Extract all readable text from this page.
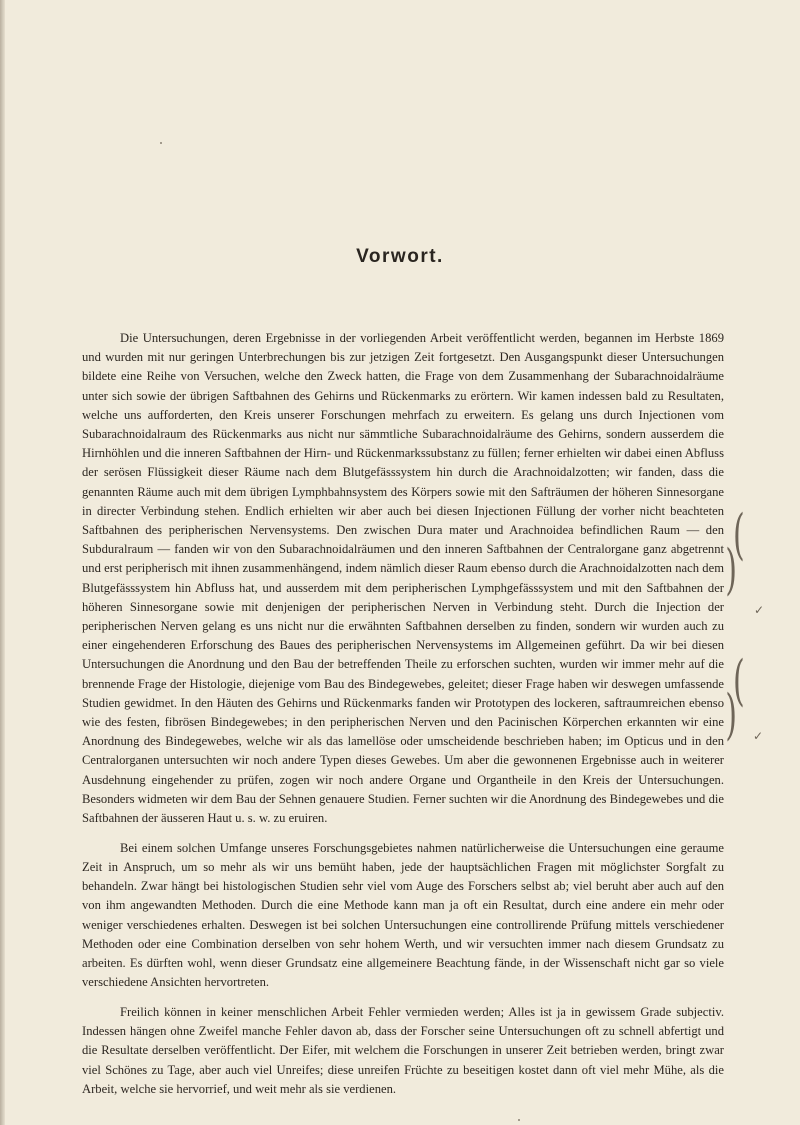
Vorwort.

Die Untersuchungen, deren Ergebnisse in der vorliegenden Arbeit veröffentlicht werden, begannen im Herbste 1869 und wurden mit nur geringen Unterbrechungen bis zur jetzigen Zeit fortgesetzt. Den Ausgangspunkt dieser Untersuchungen bildete eine Reihe von Versuchen, welche den Zweck hatten, die Frage von dem Zusammenhang der Subarachnoidalräume unter sich sowie der übrigen Saftbahnen des Gehirns und Rückenmarks zu erörtern. Wir kamen indessen bald zu Resultaten, welche uns aufforderten, den Kreis unserer Forschungen mehrfach zu erweitern. Es gelang uns durch Injectionen vom Subarachnoidalraum des Rückenmarks aus nicht nur sämmtliche Subarachnoidalräume des Gehirns, sondern ausserdem die Hirnhöhlen und die inneren Saftbahnen der Hirn- und Rückenmarkssubstanz zu füllen; ferner erhielten wir dabei einen Abfluss der serösen Flüssigkeit dieser Räume nach dem Blutgefässsystem hin durch die Arachnoidalzotten; wir fanden, dass die genannten Räume auch mit dem übrigen Lymphbahnsystem des Körpers sowie mit den Safträumen der höheren Sinnesorgane in directer Verbindung stehen. Endlich erhielten wir aber auch bei diesen Injectionen Füllung der vorher nicht beachteten Saftbahnen des peripherischen Nervensystems. Den zwischen Dura mater und Arachnoidea befindlichen Raum — den Subduralraum — fanden wir von den Subarachnoidalräumen und den inneren Saftbahnen der Centralorgane ganz abgetrennt und erst peripherisch mit ihnen zusammenhängend, indem nämlich dieser Raum ebenso durch die Arachnoidalzotten nach dem Blutgefässsystem hin Abfluss hat, und ausserdem mit dem peripherischen Lymphgefässsystem und mit den Saftbahnen der höheren Sinnesorgane sowie mit denjenigen der peripherischen Nerven in Verbindung steht. Durch die Injection der peripherischen Nerven gelang es uns nicht nur die erwähnten Saftbahnen derselben zu finden, sondern wir wurden auch zu einer eingehenderen Erforschung des Baues des peripherischen Nervensystems im Allgemeinen geführt. Da wir bei diesen Untersuchungen die Anordnung und den Bau der betreffenden Theile zu erforschen suchten, wurden wir immer mehr auf die brennende Frage der Histologie, diejenige vom Bau des Bindegewebes, geleitet; dieser Frage haben wir deswegen umfassende Studien gewidmet. In den Häuten des Gehirns und Rückenmarks fanden wir Prototypen des lockeren, saftraumreichen ebenso wie des festen, fibrösen Bindegewebes; in den peripherischen Nerven und den Pacinischen Körperchen erkannten wir eine Anordnung des Bindegewebes, welche wir als das lamellöse oder umscheidende beschrieben haben; im Opticus und in den Centralorganen untersuchten wir noch andere Typen dieses Gewebes. Um aber die gewonnenen Ergebnisse auch in weiterer Ausdehnung eingehender zu prüfen, zogen wir noch andere Organe und Organtheile in den Kreis der Untersuchungen. Besonders widmeten wir dem Bau der Sehnen genauere Studien. Ferner suchten wir die Anordnung des Bindegewebes und die Saftbahnen der äusseren Haut u. s. w. zu eruiren.

Bei einem solchen Umfange unseres Forschungsgebietes nahmen natürlicherweise die Untersuchungen eine geraume Zeit in Anspruch, um so mehr als wir uns bemüht haben, jede der hauptsächlichen Fragen mit möglichster Sorgfalt zu behandeln. Zwar hängt bei histologischen Studien sehr viel vom Auge des Forschers selbst ab; viel beruht aber auch auf den von ihm angewandten Methoden. Durch die eine Methode kann man ja oft ein Resultat, durch eine andere ein mehr oder weniger verschiedenes erhalten. Deswegen ist bei solchen Untersuchungen eine controllirende Prüfung mittels verschiedener Methoden oder eine Combination derselben von sehr hohem Werth, und wir versuchten immer nach diesem Grundsatz zu arbeiten. Es dürften wohl, wenn dieser Grundsatz eine allgemeinere Beachtung fände, in der Wissenschaft nicht gar so viele verschiedene Ansichten hervortreten.

Freilich können in keiner menschlichen Arbeit Fehler vermieden werden; Alles ist ja in gewissem Grade subjectiv. Indessen hängen ohne Zweifel manche Fehler davon ab, dass der Forscher seine Untersuchungen oft zu schnell abfertigt und die Resultate derselben veröffentlicht. Der Eifer, mit welchem die Forschungen in unserer Zeit betrieben werden, bringt zwar viel Schönes zu Tage, aber auch viel Unreifes; diese unreifen Früchte zu beseitigen kostet dann oft viel mehr Mühe, als die Arbeit, welche sie hervorrief, und weit mehr als sie verdienen.

(
(
✓
(
( ✓
